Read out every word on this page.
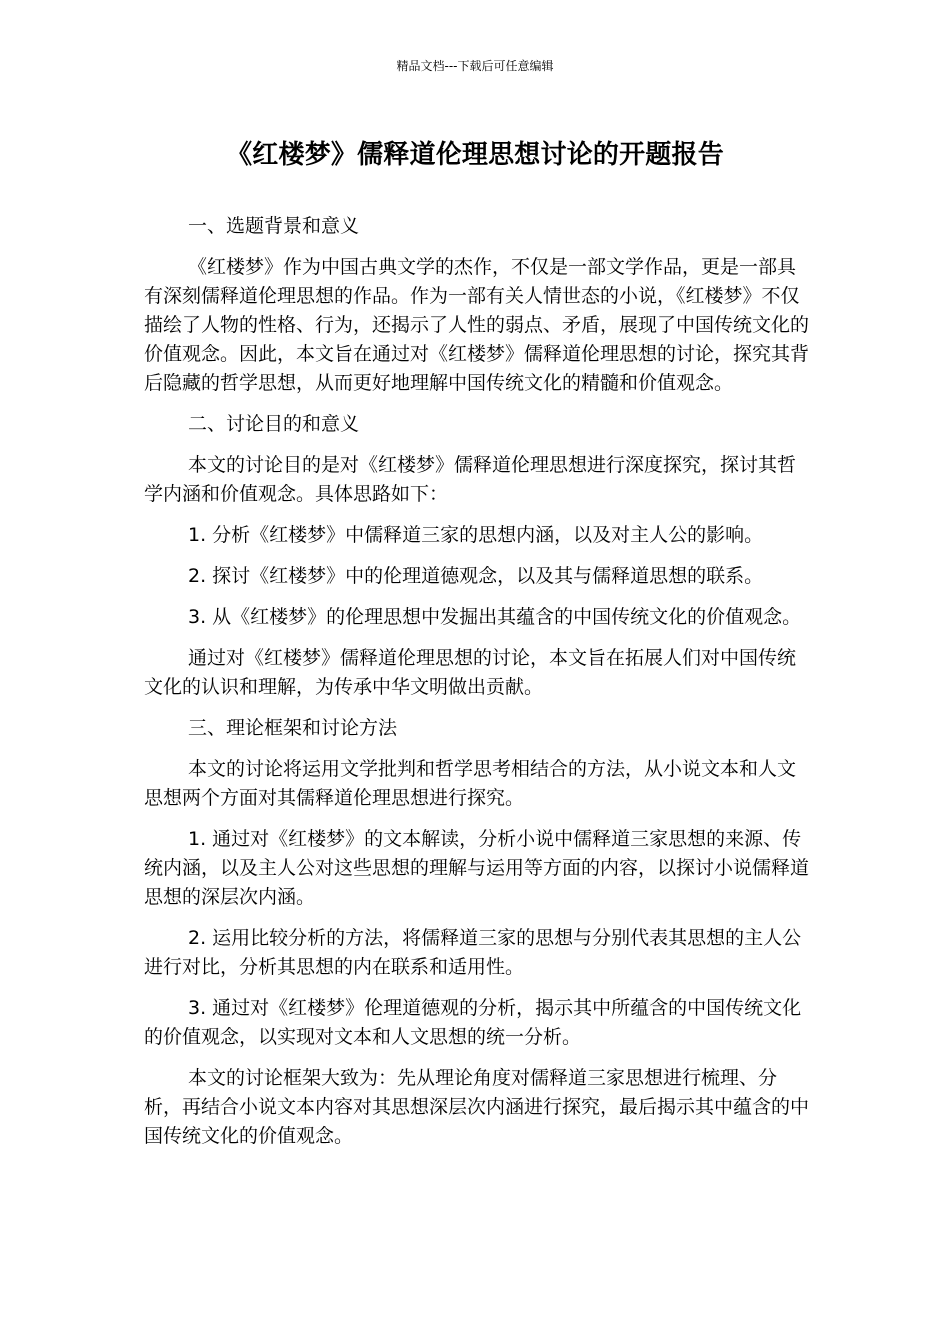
精品文档---下载后可任意编辑
《红楼梦》儒释道伦理思想讨论的开题报告

一、选题背景和意义

《红楼梦》作为中国古典文学的杰作，不仅是一部文学作品，更是一部具有深刻儒释道伦理思想的作品。作为一部有关人情世态的小说，《红楼梦》不仅描绘了人物的性格、行为，还揭示了人性的弱点、矛盾，展现了中国传统文化的价值观念。因此，本文旨在通过对《红楼梦》儒释道伦理思想的讨论，探究其背后隐藏的哲学思想，从而更好地理解中国传统文化的精髓和价值观念。

二、讨论目的和意义

本文的讨论目的是对《红楼梦》儒释道伦理思想进行深度探究，探讨其哲学内涵和价值观念。具体思路如下：

1. 分析《红楼梦》中儒释道三家的思想内涵，以及对主人公的影响。

2. 探讨《红楼梦》中的伦理道德观念，以及其与儒释道思想的联系。

3. 从《红楼梦》的伦理思想中发掘出其蕴含的中国传统文化的价值观念。

通过对《红楼梦》儒释道伦理思想的讨论，本文旨在拓展人们对中国传统文化的认识和理解，为传承中华文明做出贡献。

三、理论框架和讨论方法

本文的讨论将运用文学批判和哲学思考相结合的方法，从小说文本和人文思想两个方面对其儒释道伦理思想进行探究。

1. 通过对《红楼梦》的文本解读，分析小说中儒释道三家思想的来源、传统内涵，以及主人公对这些思想的理解与运用等方面的内容，以探讨小说儒释道思想的深层次内涵。

2. 运用比较分析的方法，将儒释道三家的思想与分别代表其思想的主人公进行对比，分析其思想的内在联系和适用性。

3. 通过对《红楼梦》伦理道德观的分析，揭示其中所蕴含的中国传统文化的价值观念，以实现对文本和人文思想的统一分析。

本文的讨论框架大致为：先从理论角度对儒释道三家思想进行梳理、分析，再结合小说文本内容对其思想深层次内涵进行探究，最后揭示其中蕴含的中国传统文化的价值观念。
